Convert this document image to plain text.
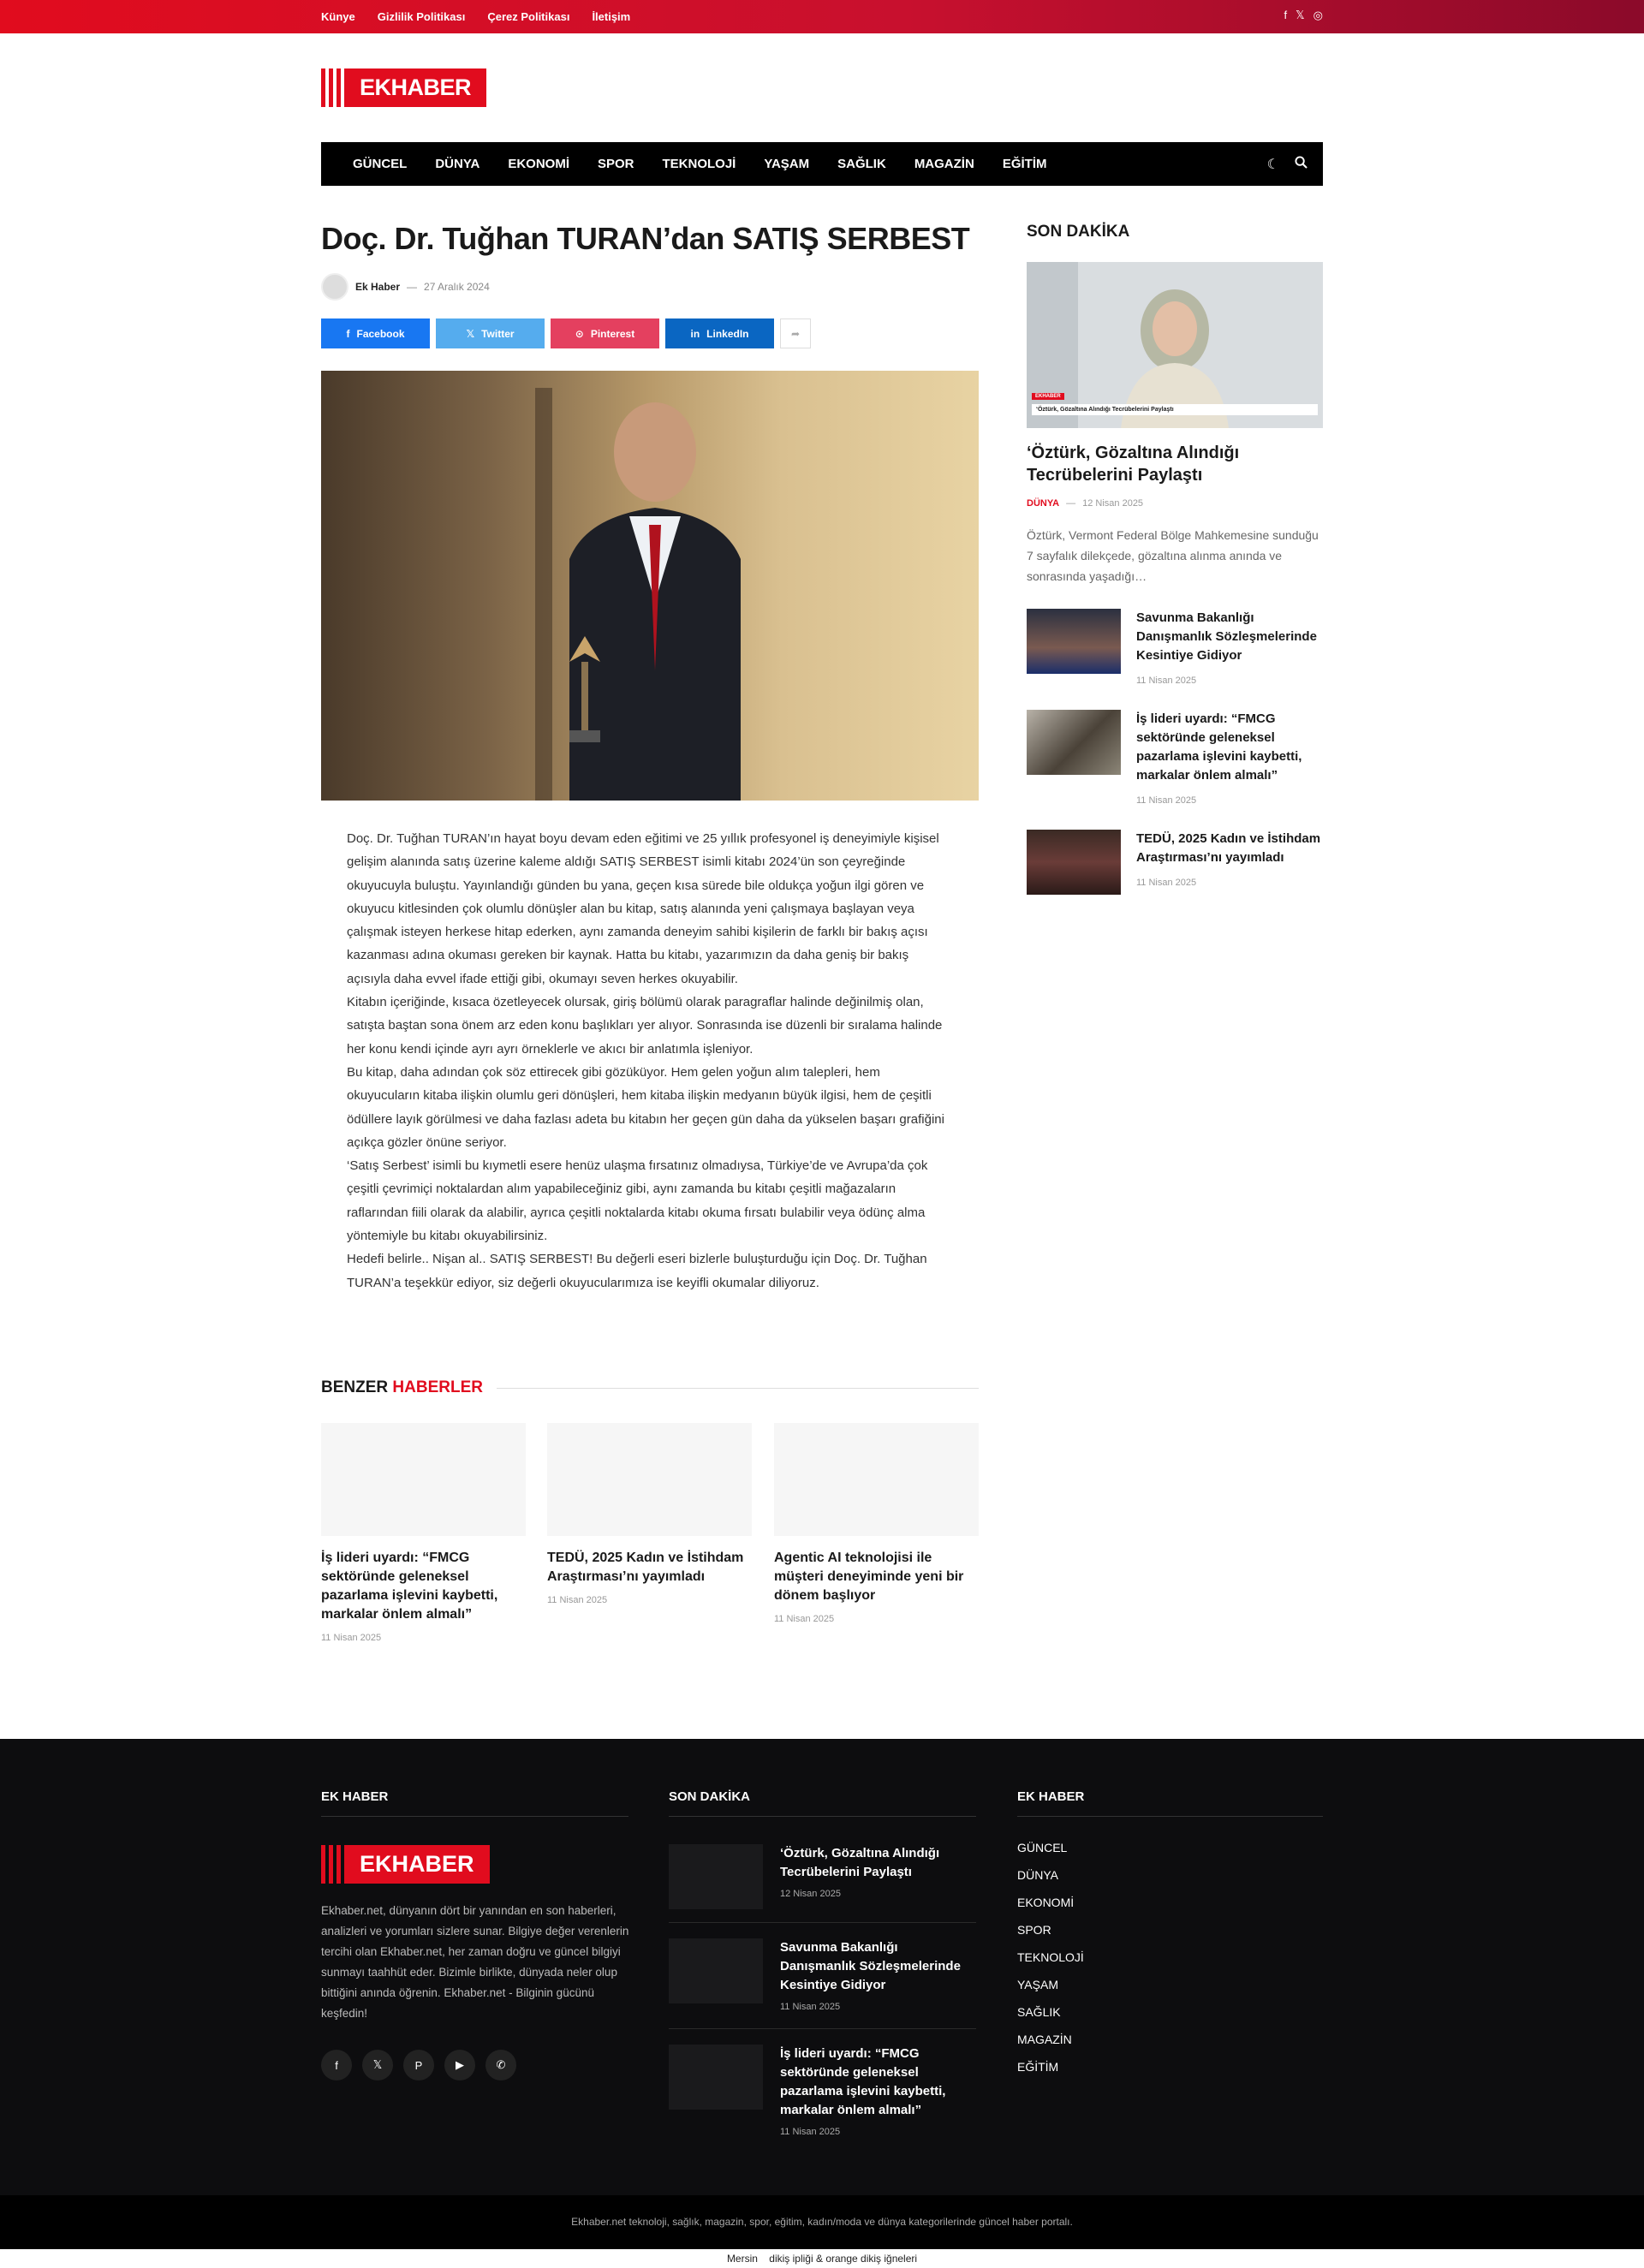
Künye Gizlilik Politikası Çerez Politikası İletişim	f 𝕏 ◎
EKHABER
GÜNCEL DÜNYA EKONOMİ SPOR TEKNOLOJİ YAŞAM SAĞLIK MAGAZİN EĞİTİM	☾
Doç. Dr. Tuğhan TURAN’dan SATIŞ SERBEST
Ek Haber — 27 Aralık 2024
f Facebook	𝕏 Twitter	⊙ Pinterest	in LinkedIn	➦

Doç. Dr. Tuğhan TURAN’ın hayat boyu devam eden eğitimi ve 25 yıllık profesyonel iş deneyimiyle kişisel gelişim alanında satış üzerine kaleme aldığı SATIŞ SERBEST isimli kitabı 2024’ün son çeyreğinde okuyucuyla buluştu. Yayınlandığı günden bu yana, geçen kısa sürede bile oldukça yoğun ilgi gören ve okuyucu kitlesinden çok olumlu dönüşler alan bu kitap, satış alanında yeni çalışmaya başlayan veya çalışmak isteyen herkese hitap ederken, aynı zamanda deneyim sahibi kişilerin de farklı bir bakış açısı kazanması adına okuması gereken bir kaynak. Hatta bu kitabı, yazarımızın da daha geniş bir bakış açısıyla daha evvel ifade ettiği gibi, okumayı seven herkes okuyabilir.

Kitabın içeriğinde, kısaca özetleyecek olursak, giriş bölümü olarak paragraflar halinde değinilmiş olan, satışta baştan sona önem arz eden konu başlıkları yer alıyor. Sonrasında ise düzenli bir sıralama halinde her konu kendi içinde ayrı ayrı örneklerle ve akıcı bir anlatımla işleniyor.

Bu kitap, daha adından çok söz ettirecek gibi gözüküyor. Hem gelen yoğun alım talepleri, hem okuyucuların kitaba ilişkin olumlu geri dönüşleri, hem kitaba ilişkin medyanın büyük ilgisi, hem de çeşitli ödüllere layık görülmesi ve daha fazlası adeta bu kitabın her geçen gün daha da yükselen başarı grafiğini açıkça gözler önüne seriyor.

‘Satış Serbest’ isimli bu kıymetli esere henüz ulaşma fırsatınız olmadıysa, Türkiye’de ve Avrupa’da çok çeşitli çevrimiçi noktalardan alım yapabileceğiniz gibi, aynı zamanda bu kitabı çeşitli mağazaların raflarından fiili olarak da alabilir, ayrıca çeşitli noktalarda kitabı okuma fırsatı bulabilir veya ödünç alma yöntemiyle bu kitabı okuyabilirsiniz.

Hedefi belirle.. Nişan al.. SATIŞ SERBEST! Bu değerli eseri bizlerle buluşturduğu için Doç. Dr. Tuğhan TURAN’a teşekkür ediyor, siz değerli okuyucularımıza ise keyifli okumalar diliyoruz.

BENZER HABERLER
İş lideri uyardı: “FMCG sektöründe geleneksel pazarlama işlevini kaybetti, markalar önlem almalı”
11 Nisan 2025
TEDÜ, 2025 Kadın ve İstihdam Araştırması’nı yayımladı
11 Nisan 2025
Agentic AI teknolojisi ile müşteri deneyiminde yeni bir dönem başlıyor
11 Nisan 2025
SON DAKİKA
EKHABER
‘Öztürk, Gözaltına Alındığı Tecrübelerini Paylaştı
‘Öztürk, Gözaltına Alındığı Tecrübelerini Paylaştı
DÜNYA — 12 Nisan 2025
Öztürk, Vermont Federal Bölge Mahkemesine sunduğu 7 sayfalık dilekçede, gözaltına alınma anında ve sonrasında yaşadığı…
Savunma Bakanlığı Danışmanlık Sözleşmelerinde Kesintiye Gidiyor
11 Nisan 2025
İş lideri uyardı: “FMCG sektöründe geleneksel pazarlama işlevini kaybetti, markalar önlem almalı”
11 Nisan 2025
TEDÜ, 2025 Kadın ve İstihdam Araştırması’nı yayımladı
11 Nisan 2025
EK HABER	SON DAKİKA	EK HABER
EKHABER
Ekhaber.net, dünyanın dört bir yanından en son haberleri, analizleri ve yorumları sizlere sunar. Bilgiye değer verenlerin tercihi olan Ekhaber.net, her zaman doğru ve güncel bilgiyi sunmayı taahhüt eder. Bizimle birlikte, dünyada neler olup bittiğini anında öğrenin. Ekhaber.net - Bilginin gücünü keşfedin!
f	𝕏	P	▶	✆
‘Öztürk, Gözaltına Alındığı Tecrübelerini Paylaştı
12 Nisan 2025
Savunma Bakanlığı Danışmanlık Sözleşmelerinde Kesintiye Gidiyor
11 Nisan 2025
İş lideri uyardı: “FMCG sektöründe geleneksel pazarlama işlevini kaybetti, markalar önlem almalı”
11 Nisan 2025
GÜNCEL
DÜNYA
EKONOMİ
SPOR
TEKNOLOJİ
YAŞAM
SAĞLIK
MAGAZİN
EĞİTİM

Ekhaber.net teknoloji, sağlık, magazin, spor, eğitim, kadın/moda ve dünya kategorilerinde güncel haber portalı.

Mersin dikiş ipliği & orange dikiş iğneleri
